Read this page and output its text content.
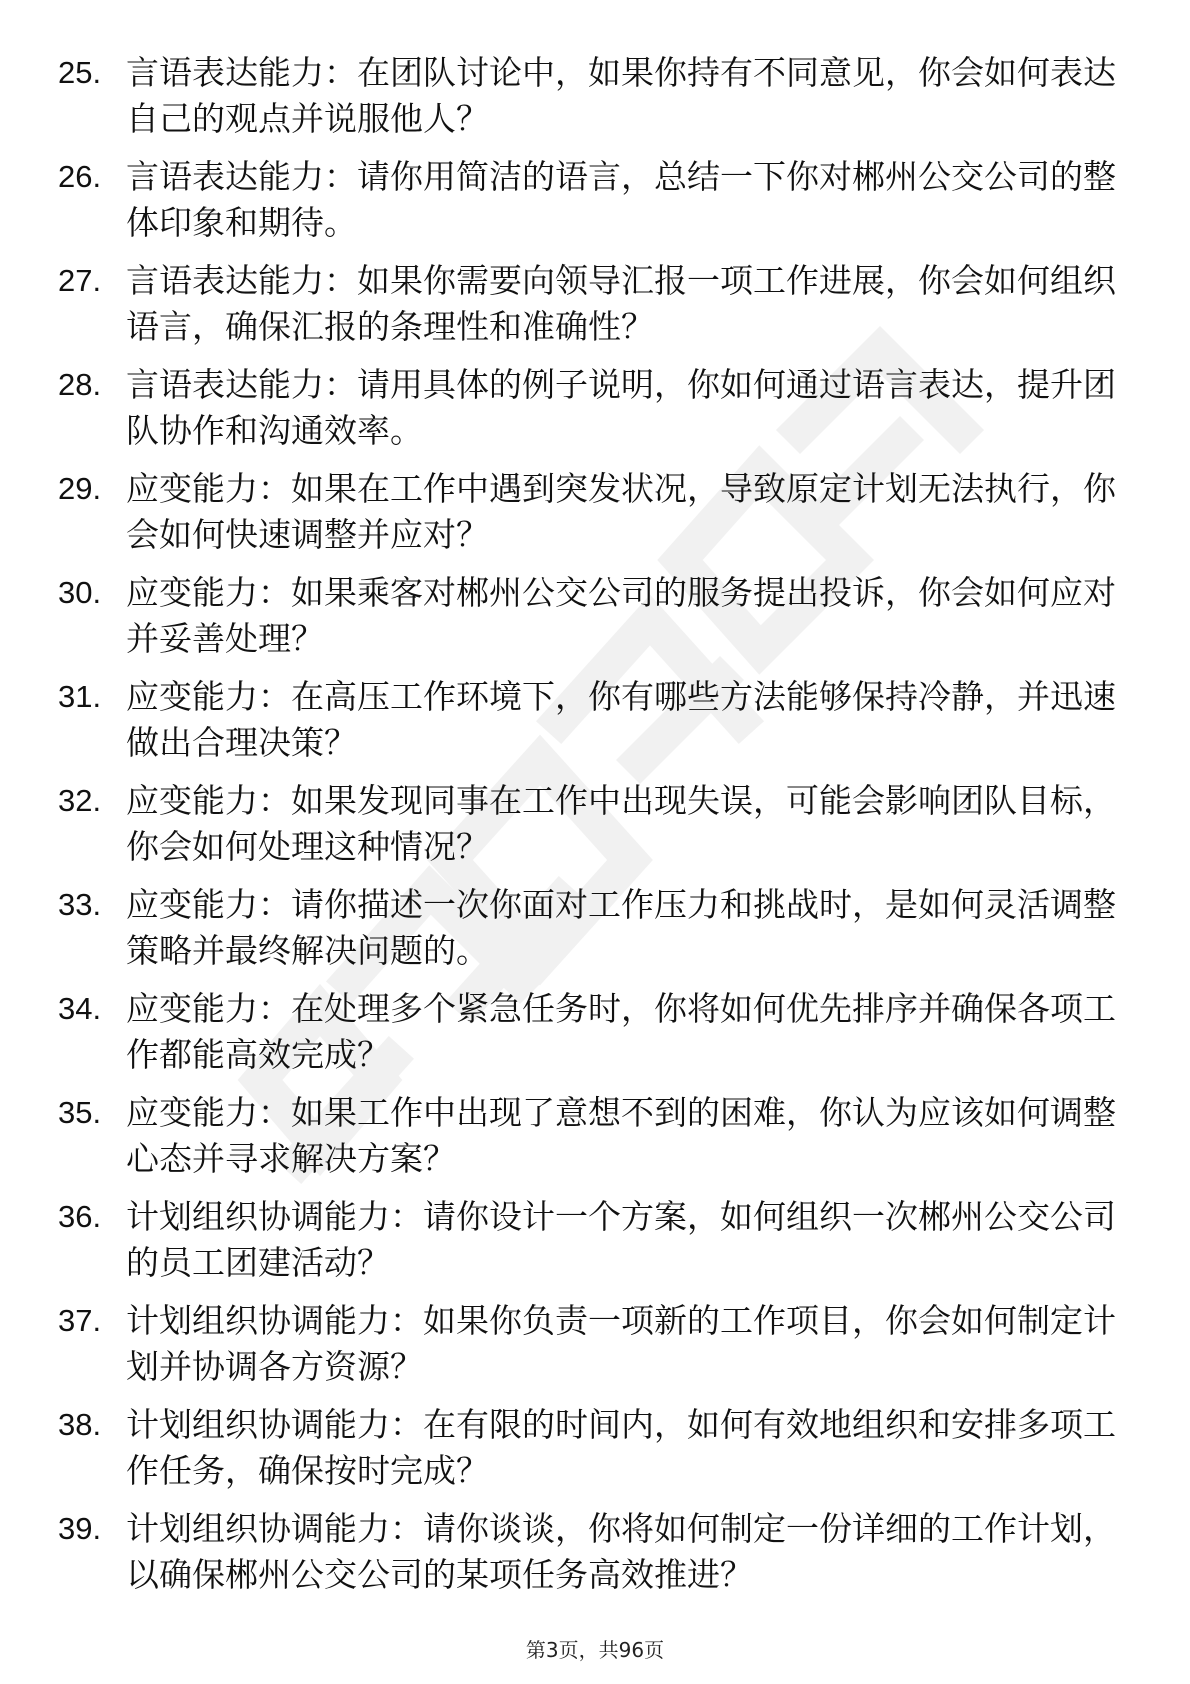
25. 言语表达能力：在团队讨论中，如果你持有不同意见，你会如何表达自己的观点并说服他人？
26. 言语表达能力：请你用简洁的语言，总结一下你对郴州公交公司的整体印象和期待。
27. 言语表达能力：如果你需要向领导汇报一项工作进展，你会如何组织语言，确保汇报的条理性和准确性？
28. 言语表达能力：请用具体的例子说明，你如何通过语言表达，提升团队协作和沟通效率。
29. 应变能力：如果在工作中遇到突发状况，导致原定计划无法执行，你会如何快速调整并应对？
30. 应变能力：如果乘客对郴州公交公司的服务提出投诉，你会如何应对并妥善处理？
31. 应变能力：在高压工作环境下，你有哪些方法能够保持冷静，并迅速做出合理决策？
32. 应变能力：如果发现同事在工作中出现失误，可能会影响团队目标，你会如何处理这种情况？
33. 应变能力：请你描述一次你面对工作压力和挑战时，是如何灵活调整策略并最终解决问题的。
34. 应变能力：在处理多个紧急任务时，你将如何优先排序并确保各项工作都能高效完成？
35. 应变能力：如果工作中出现了意想不到的困难，你认为应该如何调整心态并寻求解决方案？
36. 计划组织协调能力：请你设计一个方案，如何组织一次郴州公交公司的员工团建活动？
37. 计划组织协调能力：如果你负责一项新的工作项目，你会如何制定计划并协调各方资源？
38. 计划组织协调能力：在有限的时间内，如何有效地组织和安排多项工作任务，确保按时完成？
39. 计划组织协调能力：请你谈谈，你将如何制定一份详细的工作计划，以确保郴州公交公司的某项任务高效推进？
第3页，共96页
